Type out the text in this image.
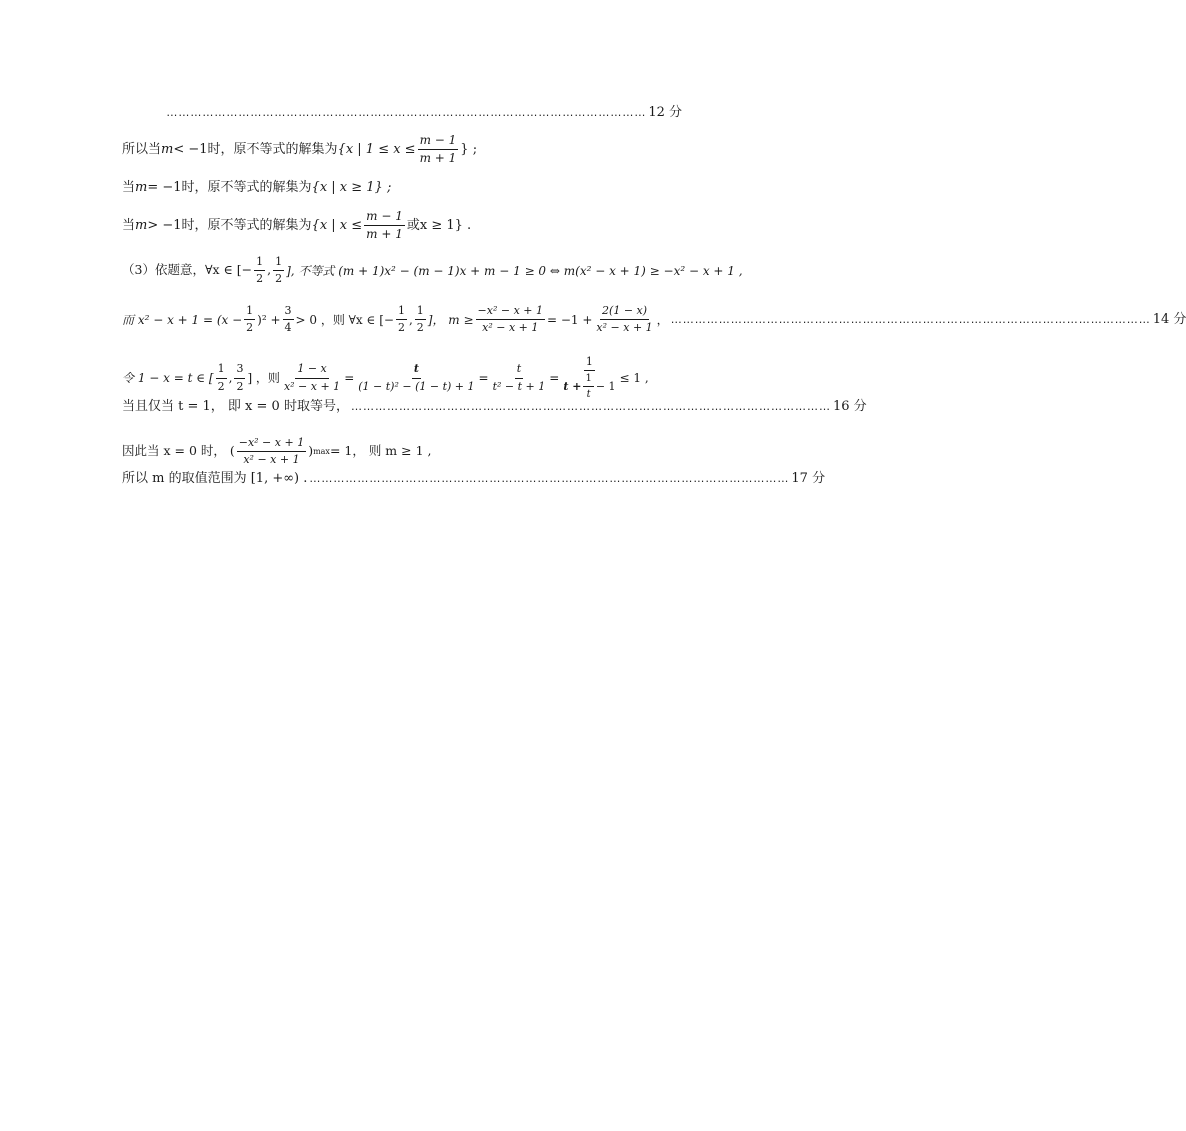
………………………………………………………………………………………………………… 12 分
所以当 m < −1时，原不等式的解集为 {x | $1 \le x \le \frac{m - 1}{m + 1}$ } ;
当 m = −1时，原不等式的解集为 {x | x ≥ 1} ;
当 m > −1时，原不等式的解集为 {x | $x \le \frac{m - 1}{m + 1}$ 或x ≥ 1} .
（3）依题意，∀x ∈ [− $\frac{1}{2}$ , $\frac{1}{2}$ ], 不等式 (m + 1)x² − (m − 1)x + m − 1 ≥ 0 ⇔ m(x² − x + 1) ≥ −x² − x + 1 ,
而 $x^2 - x + 1 = (x - \frac{1}{2} )^2 + \frac{3}{4} > 0$ ，则 ∀x ∈ [− $\frac{1}{2}$ , $\frac{1}{2}$ ]， $m \ge \frac{\text{−x² − x + 1}}{\text{x² − x + 1}} = -1 + \frac{2(1 - x)}{\text{x² − x + 1}}$ ， ………………………………………………………………………………………………………… 14 分
令 1 − x = t ∈ [ $\frac{1}{2}$ , $\frac{3}{2}$ ] ，则 $\frac{1 - x}{\text{x² − x + 1}} = \frac{t}{\text{(1 − t)² − (1 − t) + 1}} = \frac{t}{\text{t² − t + 1}} = \frac{1}{t + \frac{1}{t} - 1} \le 1$ ,
当且仅当 t = 1， 即 x = 0 时取等号， ………………………………………………………………………………………………………… 16 分
因此当 x = 0 时， ( $\frac{\text{−x² − x + 1}}{\text{x² − x + 1}}$ ) max = 1， 则 m ≥ 1 ,
所以 m 的取值范围为 [1, +∞) . ………………………………………………………………………………………………………… 17 分
